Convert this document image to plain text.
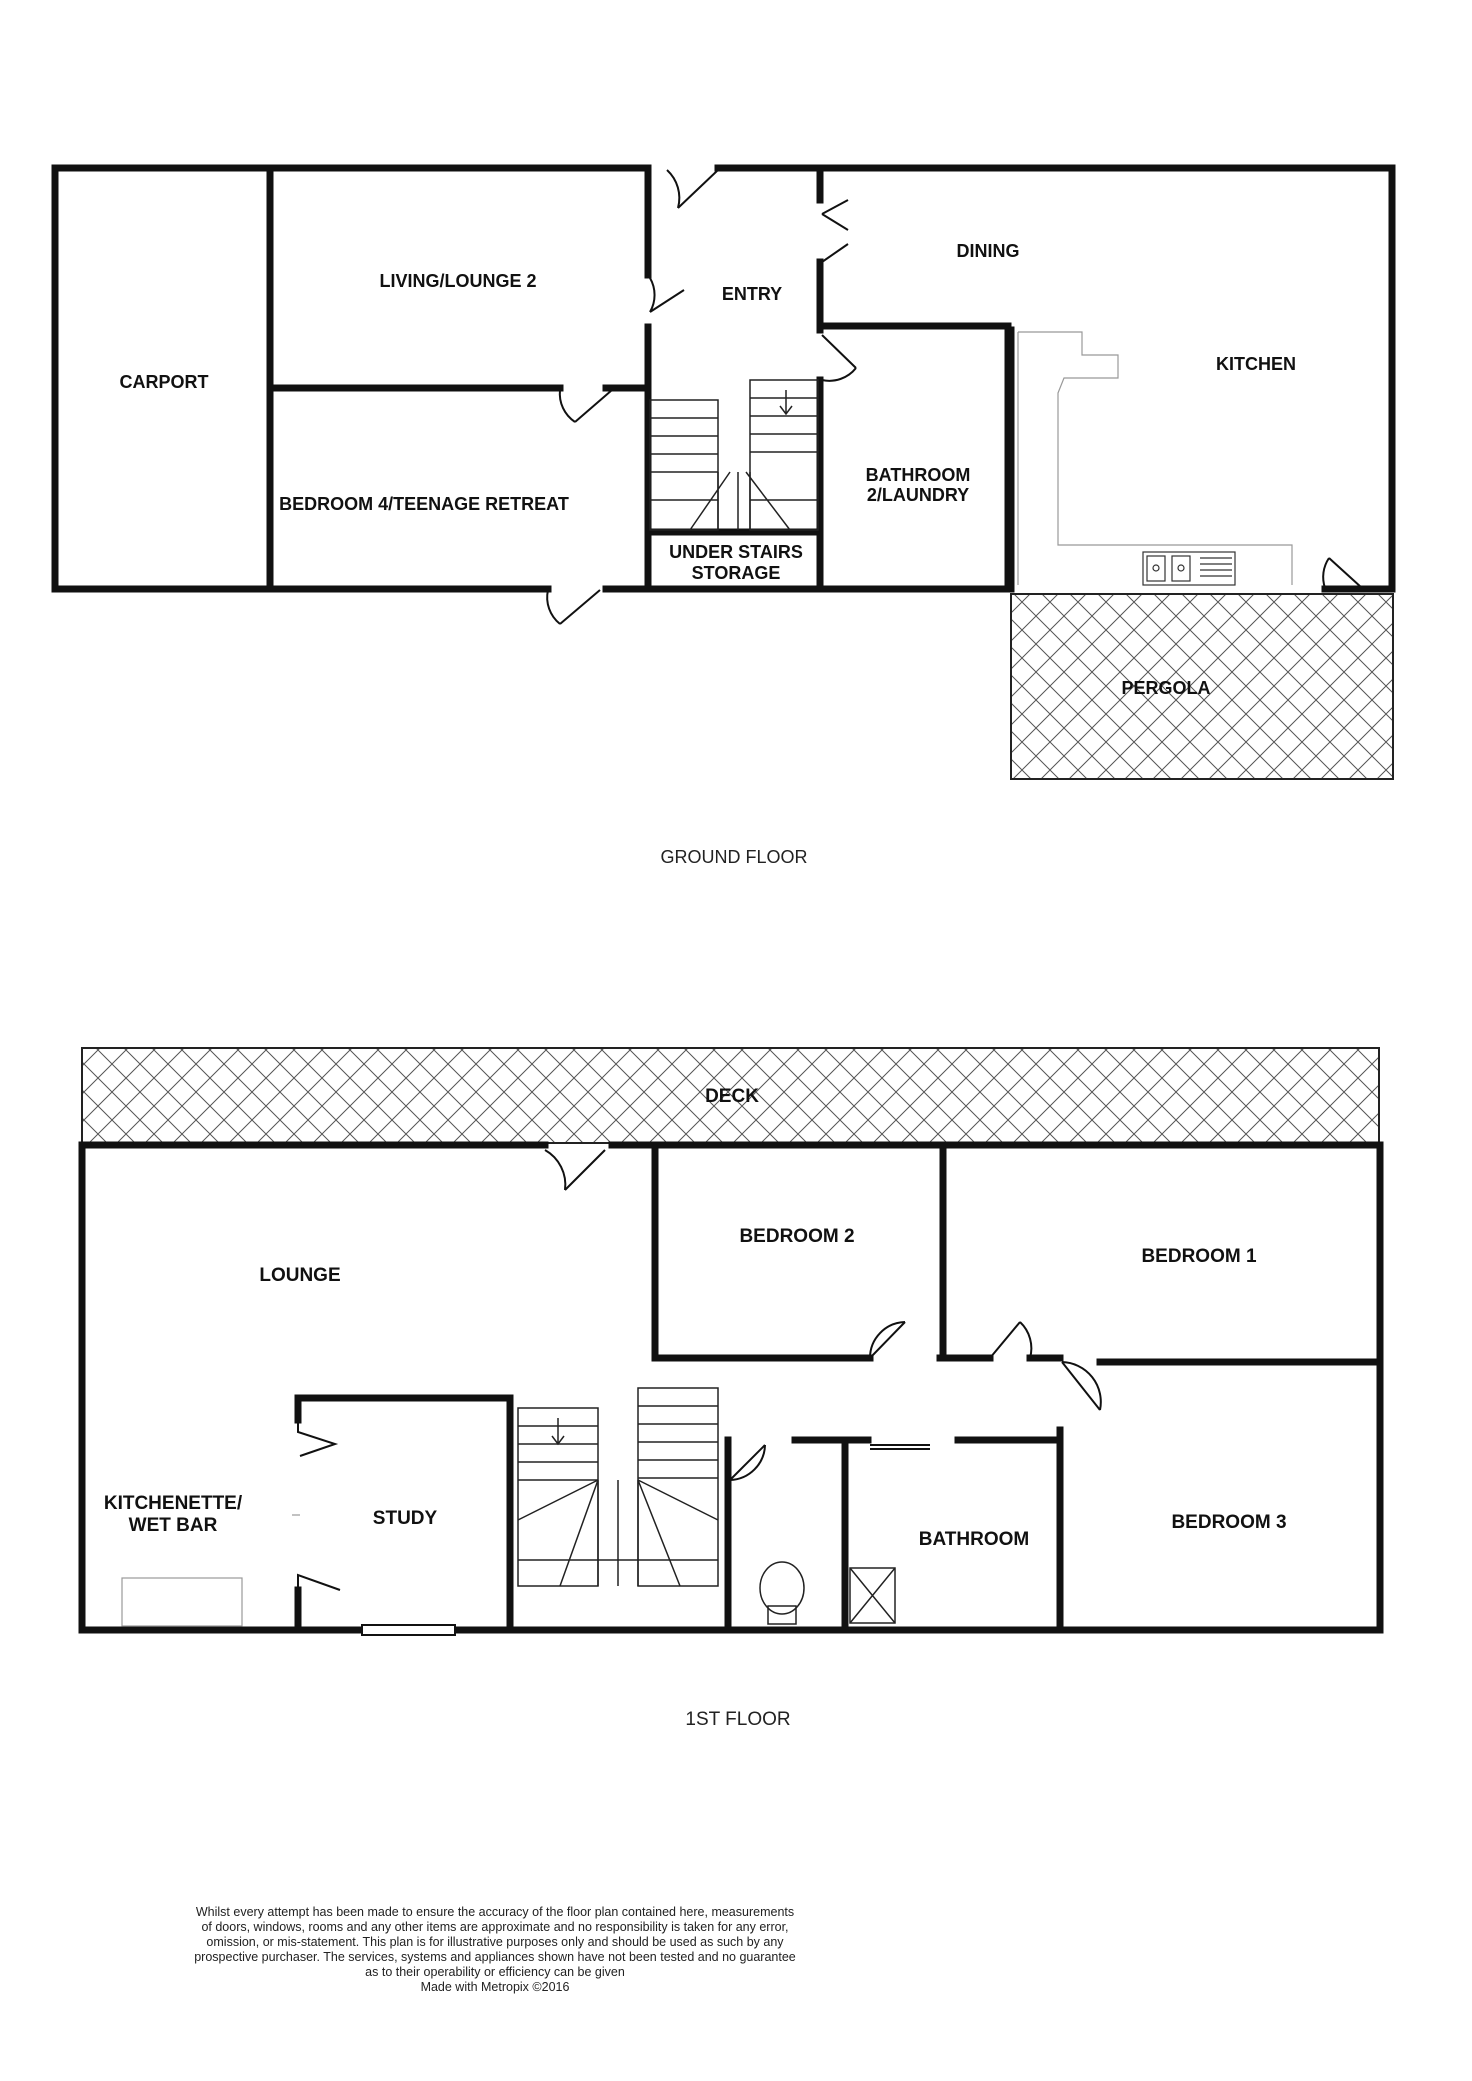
CARPORT
LIVING/LOUNGE 2
BEDROOM 4/TEENAGE RETREAT
ENTRY
UNDER STAIRS
STORAGE
DINING
KITCHEN
BATHROOM
2/LAUNDRY
PERGOLA
GROUND FLOOR
DECK
LOUNGE
BEDROOM 2
BEDROOM 1
KITCHENETTE/
WET BAR	STUDY
BATHROOM
BEDROOM 3
1ST FLOOR
Whilst every attempt has been made to ensure the accuracy of the floor plan contained here, measurements
of doors, windows, rooms and any other items are approximate and no responsibility is taken for any error,
omission, or mis-statement. This plan is for illustrative purposes only and should be used as such by any
prospective purchaser. The services, systems and appliances shown have not been tested and no guarantee
as to their operability or efficiency can be given
Made with Metropix ©2016
